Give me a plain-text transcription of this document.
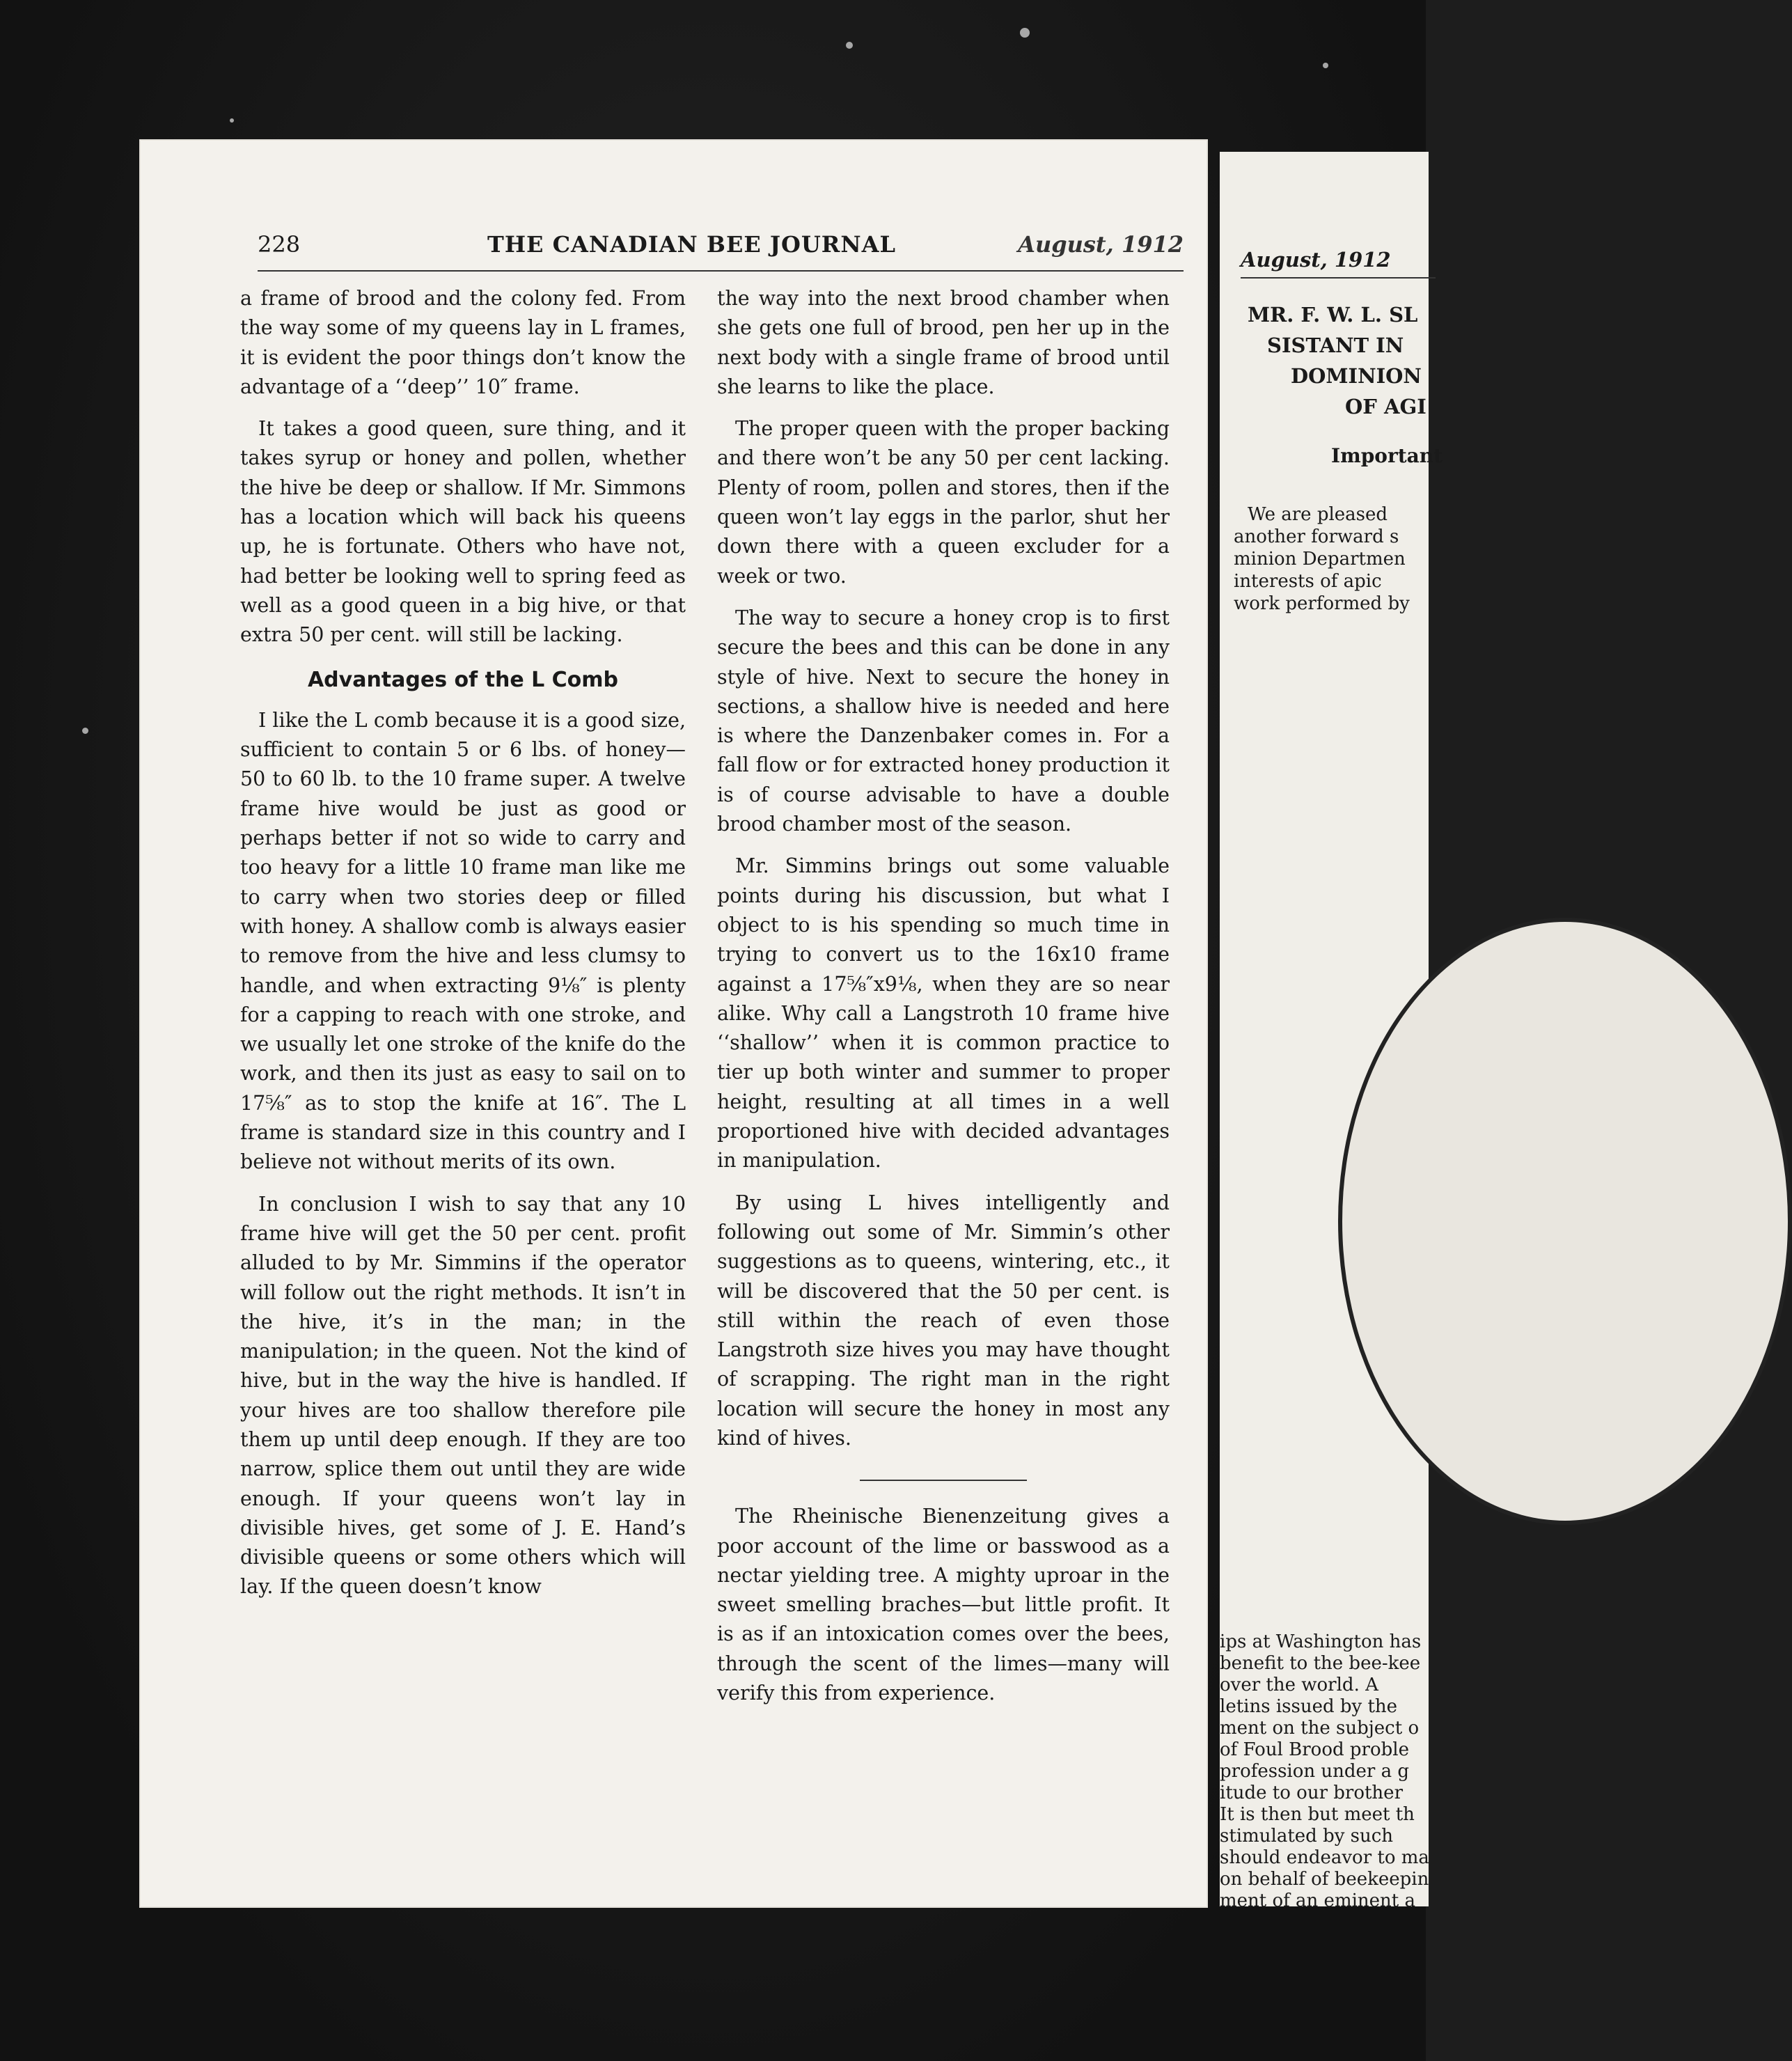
228	THE CANADIAN BEE JOURNAL	August, 1912

a frame of brood and the colony fed. From the way some of my queens lay in L frames, it is evident the poor things don’t know the advantage of a ‘‘deep’’ 10″ frame.

It takes a good queen, sure thing, and it takes syrup or honey and pollen, whether the hive be deep or shallow. If Mr. Simmons has a location which will back his queens up, he is fortunate. Others who have not, had better be looking well to spring feed as well as a good queen in a big hive, or that extra 50 per cent. will still be lacking.

Advantages of the L Comb

I like the L comb because it is a good size, sufficient to contain 5 or 6 lbs. of honey— 50 to 60 lb. to the 10 frame super. A twelve frame hive would be just as good or perhaps better if not so wide to carry and too heavy for a little 10 frame man like me to carry when two stories deep or filled with honey. A shallow comb is always easier to remove from the hive and less clumsy to handle, and when extracting 9⅛″ is plenty for a capping to reach with one stroke, and we usually let one stroke of the knife do the work, and then its just as easy to sail on to 17⅝″ as to stop the knife at 16″. The L frame is standard size in this country and I believe not without merits of its own.

In conclusion I wish to say that any 10 frame hive will get the 50 per cent. profit alluded to by Mr. Simmins if the operator will follow out the right methods. It isn’t in the hive, it’s in the man; in the manipulation; in the queen. Not the kind of hive, but in the way the hive is handled. If your hives are too shallow therefore pile them up until deep enough. If they are too narrow, splice them out until they are wide enough. If your queens won’t lay in divisible hives, get some of J. E. Hand’s divisible queens or some others which will lay. If the queen doesn’t know

the way into the next brood chamber when she gets one full of brood, pen her up in the next body with a single frame of brood until she learns to like the place.

The proper queen with the proper backing and there won’t be any 50 per cent lacking. Plenty of room, pollen and stores, then if the queen won’t lay eggs in the parlor, shut her down there with a queen excluder for a week or two.

The way to secure a honey crop is to first secure the bees and this can be done in any style of hive. Next to secure the honey in sections, a shallow hive is needed and here is where the Danzenbaker comes in. For a fall flow or for extracted honey production it is of course advisable to have a double brood chamber most of the season.

Mr. Simmins brings out some valuable points during his discussion, but what I object to is his spending so much time in trying to convert us to the 16x10 frame against a 17⅝″x9⅛, when they are so near alike. Why call a Langstroth 10 frame hive ‘‘shallow’’ when it is common practice to tier up both winter and summer to proper height, resulting at all times in a well proportioned hive with decided advantages in manipulation.

By using L hives intelligently and following out some of Mr. Simmin’s other suggestions as to queens, wintering, etc., it will be discovered that the 50 per cent. is still within the reach of even those Langstroth size hives you may have thought of scrapping. The right man in the right location will secure the honey in most any kind of hives.

The Rheinische Bienenzeitung gives a poor account of the lime or basswood as a nectar yielding tree. A mighty uproar in the sweet smelling braches—but little profit. It is as if an intoxication comes over the bees, through the scent of the limes—many will verify this from experience.

August, 1912
MR. F. W. L. SL
SISTANT IN
DOMINION
OF AGI
Important
We are pleased
another forward s
minion Departmen
interests of apic
work performed by
ips at Washington has
benefit to the bee-kee
over the world. A
letins issued by the
ment on the subject o
of Foul Brood proble
profession under a g
itude to our brother
It is then but meet th
stimulated by such
should endeavor to ma
on behalf of beekeepin
ment of an eminent a
